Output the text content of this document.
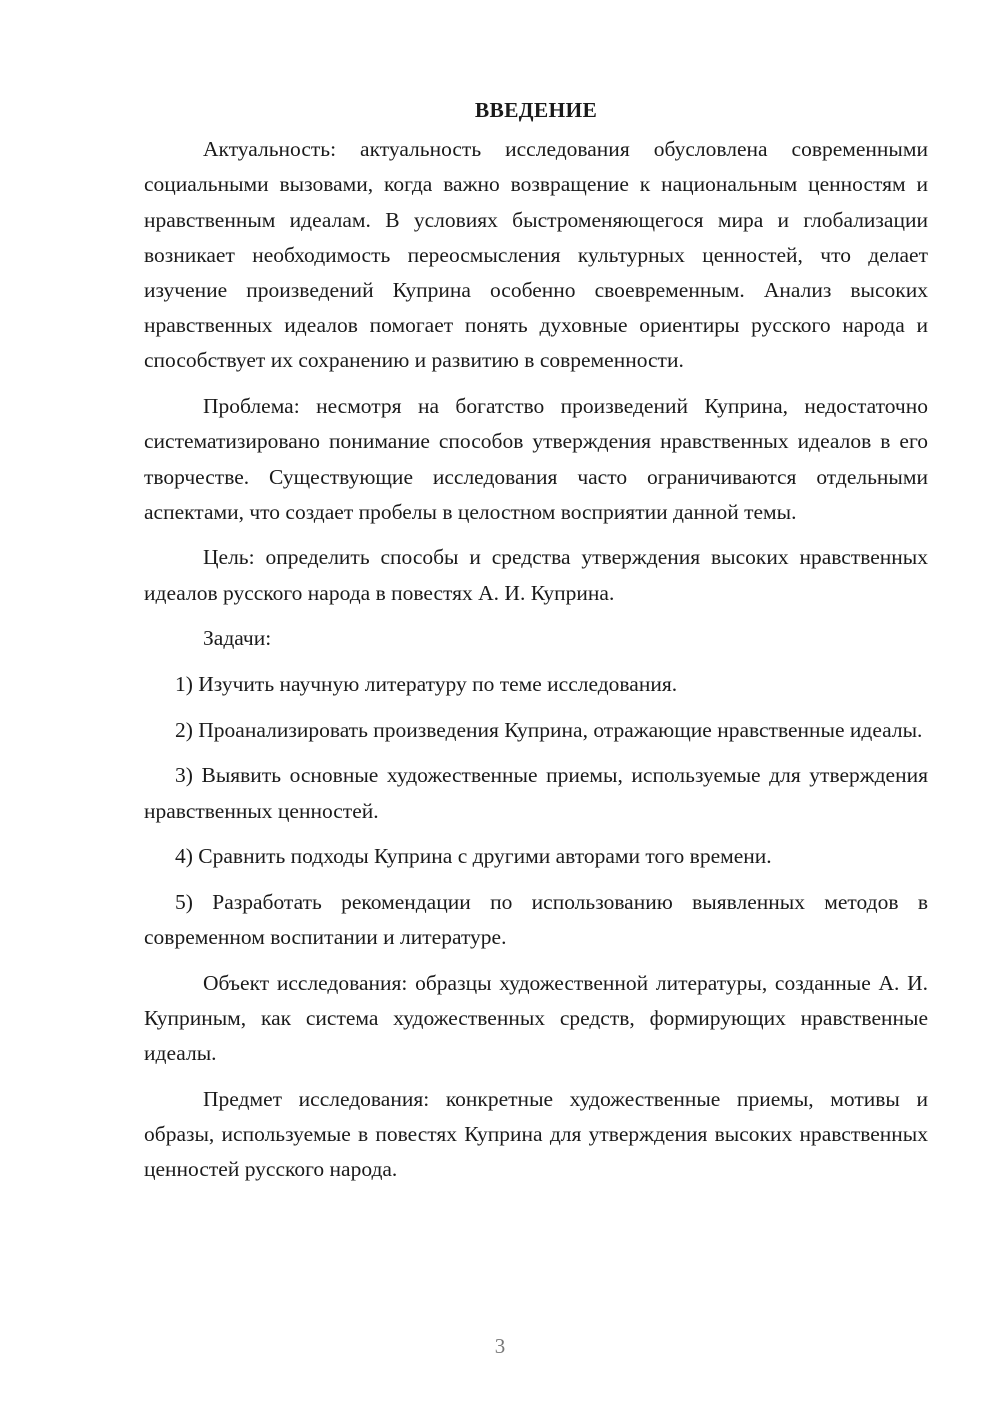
ВВЕДЕНИЕ

Актуальность: актуальность исследования обусловлена современными социальными вызовами, когда важно возвращение к национальным ценностям и нравственным идеалам. В условиях быстроменяющегося мира и глобализации возникает необходимость переосмысления культурных ценностей, что делает изучение произведений Куприна особенно своевременным. Анализ высоких нравственных идеалов помогает понять духовные ориентиры русского народа и способствует их сохранению и развитию в современности.

Проблема: несмотря на богатство произведений Куприна, недостаточно систематизировано понимание способов утверждения нравственных идеалов в его творчестве. Существующие исследования часто ограничиваются отдельными аспектами, что создает пробелы в целостном восприятии данной темы.

Цель: определить способы и средства утверждения высоких нравственных идеалов русского народа в повестях А. И. Куприна.

Задачи:

1) Изучить научную литературу по теме исследования.

2) Проанализировать произведения Куприна, отражающие нравственные идеалы.

3) Выявить основные художественные приемы, используемые для утверждения нравственных ценностей.

4) Сравнить подходы Куприна с другими авторами того времени.

5) Разработать рекомендации по использованию выявленных методов в современном воспитании и литературе.

Объект исследования: образцы художественной литературы, созданные А. И. Куприным, как система художественных средств, формирующих нравственные идеалы.

Предмет исследования: конкретные художественные приемы, мотивы и образы, используемые в повестях Куприна для утверждения высоких нравственных ценностей русского народа.

3
